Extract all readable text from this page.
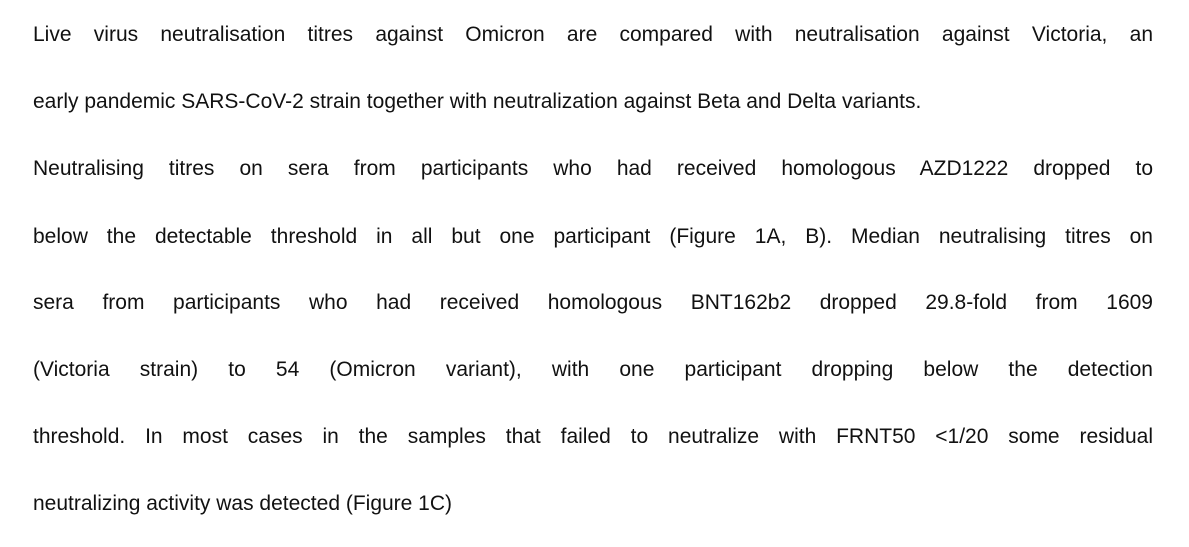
Live virus neutralisation titres against Omicron are compared with neutralisation against Victoria, an
early pandemic SARS-CoV-2 strain together with neutralization against Beta and Delta variants.
Neutralising titres on sera from participants who had received homologous AZD1222 dropped to
below the detectable threshold in all but one participant (Figure 1A, B). Median neutralising titres on
sera from participants who had received homologous BNT162b2 dropped 29.8-fold from 1609
(Victoria strain) to 54 (Omicron variant), with one participant dropping below the detection
threshold. In most cases in the samples that failed to neutralize with FRNT50 <1/20 some residual
neutralizing activity was detected (Figure 1C)
